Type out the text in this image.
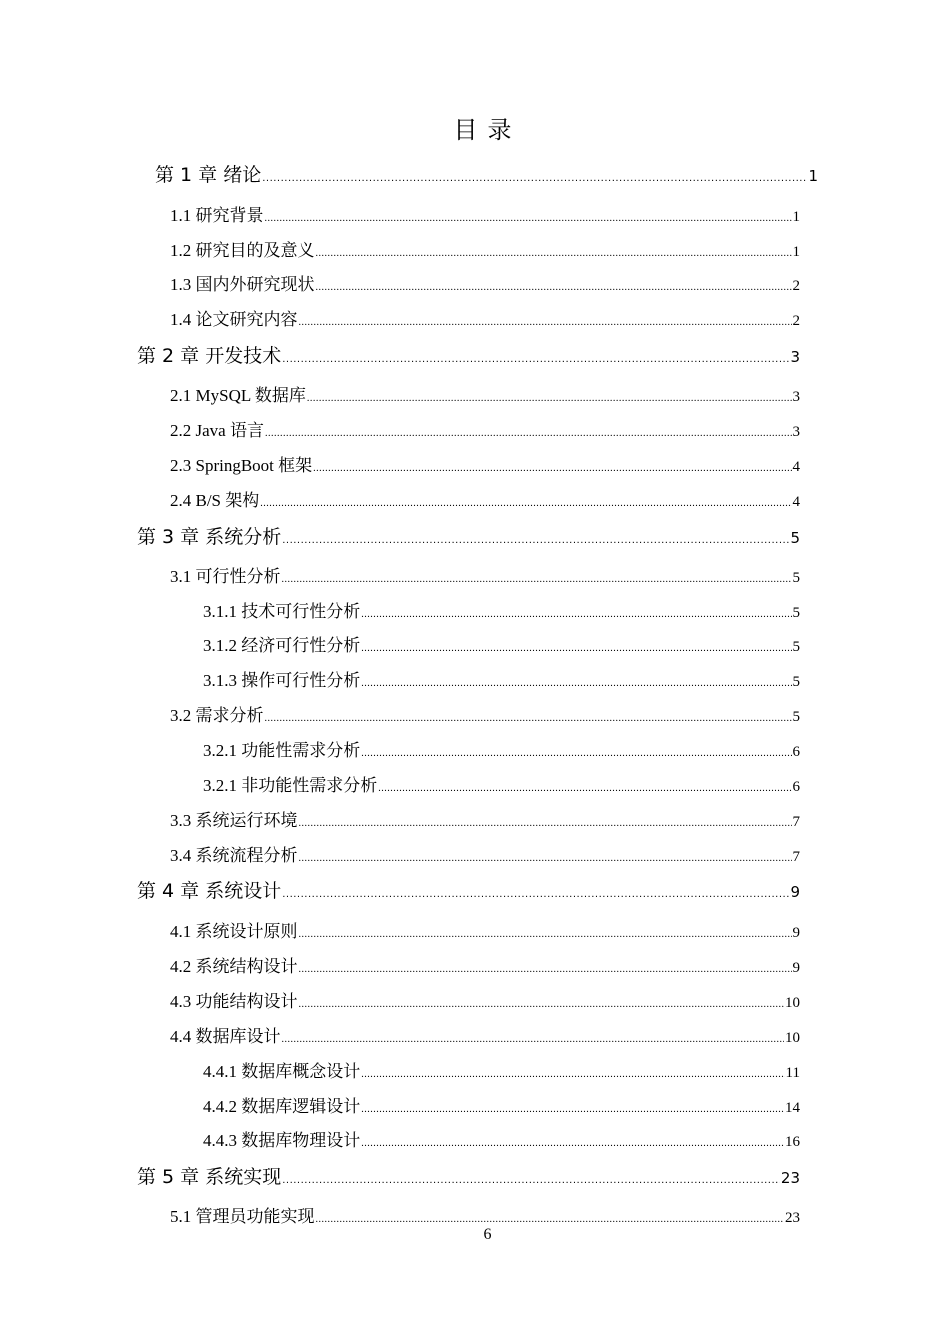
目录
第 1 章 绪论 .....	1
1.1 研究背景 .....	1
1.2 研究目的及意义 .....	1
1.3 国内外研究现状 .....	2
1.4 论文研究内容 .....	2
第 2 章 开发技术 .....	3
2.1 MySQL 数据库 .....	3
2.2 Java 语言 .....	3
2.3 SpringBoot 框架 .....	4
2.4 B/S 架构 .....	4
第 3 章 系统分析 .....	5
3.1 可行性分析 .....	5
3.1.1 技术可行性分析 .....	5
3.1.2 经济可行性分析 .....	5
3.1.3 操作可行性分析 .....	5
3.2 需求分析 .....	5
3.2.1 功能性需求分析 .....	6
3.2.1 非功能性需求分析 .....	6
3.3 系统运行环境 .....	7
3.4 系统流程分析 .....	7
第 4 章 系统设计 .....	9
4.1 系统设计原则 .....	9
4.2 系统结构设计 .....	9
4.3 功能结构设计 .....	10
4.4 数据库设计 .....	10
4.4.1 数据库概念设计 .....	11
4.4.2 数据库逻辑设计 .....	14
4.4.3 数据库物理设计 .....	16
第 5 章 系统实现 .....	23
5.1 管理员功能实现 .....	23
6
